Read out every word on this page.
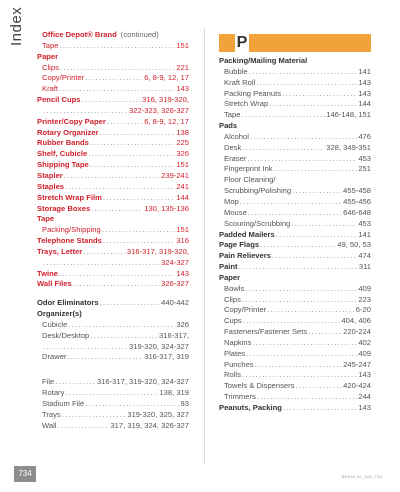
Index Office Depot® Brand (continued)
Tape .....	151
Paper
Clips .....	221
Copy/Printer .....	6, 8-9, 12, 17
Kraft .....	143
Pencil Cups .....	316, 319-320,
.....
322-323, 326-327
Printer/Copy Paper .....	6, 8-9, 12, 17
Rotary Organizer .....	138
Rubber Bands .....	225
Shelf, Cubicle .....	326
Shipping Tape .....	151
Stapler .....	239-241
Staples .....	241
Stretch Wrap Film .....	144
Storage Boxes .....	130, 135-136
Tape
Packing/Shipping .....	151
Telephone Stands .....	316
Trays, Letter .....	316-317, 319-320,
.....
324-327
Twine .....	143
Wall Files .....	326-327
Odor Eliminators .....	440-442
Organizer(s)
Cubicle .....	326
Desk/Desktop .....	316-317,
.....
319-320, 324-327
Drawer .....	316-317, 319
File .....	316-317, 319-320, 324-327
Rotary .....	138, 319
Stadium File .....	93
Trays .....	319-320, 325, 327
Wall .....	317, 319, 324, 326-327
P
Packing/Mailing Material
Bubble .....	141
Kraft Roll .....	143
Packing Peanuts .....	143
Stretch Wrap .....	144
Tape .....	146-148, 151
Pads
Alcohol .....	476
Desk .....	328, 349-351
Eraser .....	453
Fingerprint Ink .....	251
Floor Cleaning/
Scrubbing/Polishing .....	455-458
Mop .....	455-456
Mouse .....	646-648
Scouring/Scrubbing .....	453
Padded Mailers .....	141
Page Flags .....	49, 50, 53
Pain Relievers .....	474
Paint .....	311
Paper
Bowls .....	409
Clips .....	223
Copy/Printer .....	6-20
Cups .....	404, 406
Fasteners/Fastener Sets .....	220-224
Napkins .....	402
Plates .....	409
Punches .....	245-247
Rolls .....	143
Towels & Dispensers .....	420-424
Trimmers .....	244
Peanuts, Packing .....	143
734	BS036 20_326_734
